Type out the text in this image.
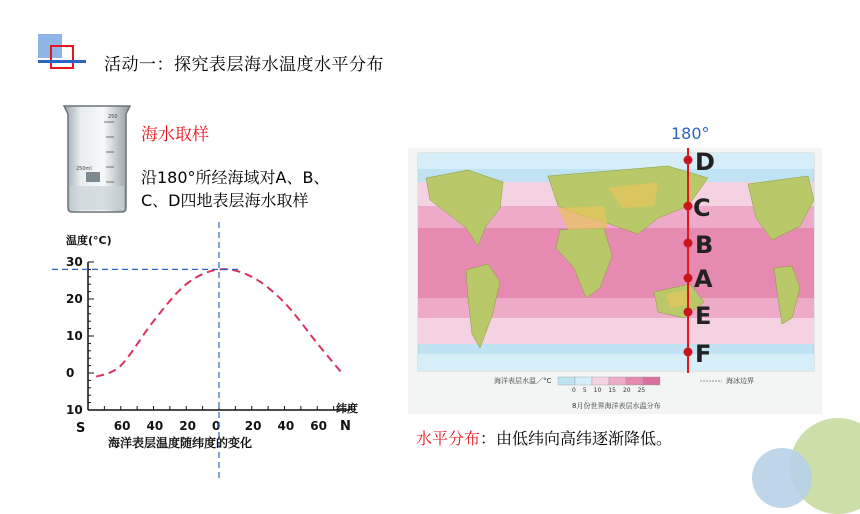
活动一：探究表层海水温度水平分布
250
250ml
海水取样
沿180°所经海域对A、B、
C、D四地表层海水取样
30
20
10
0
10
60 40 20 0 20 40 60
温度(°C)
纬度
S	N
海洋表层温度随纬度的变化
180°
海洋表层水温／°C
0 5 10 15 20 25
海冰边界
8月份世界海洋表层水温分布
D
C
B
A
E
F
水平分布：由低纬向高纬逐渐降低。
